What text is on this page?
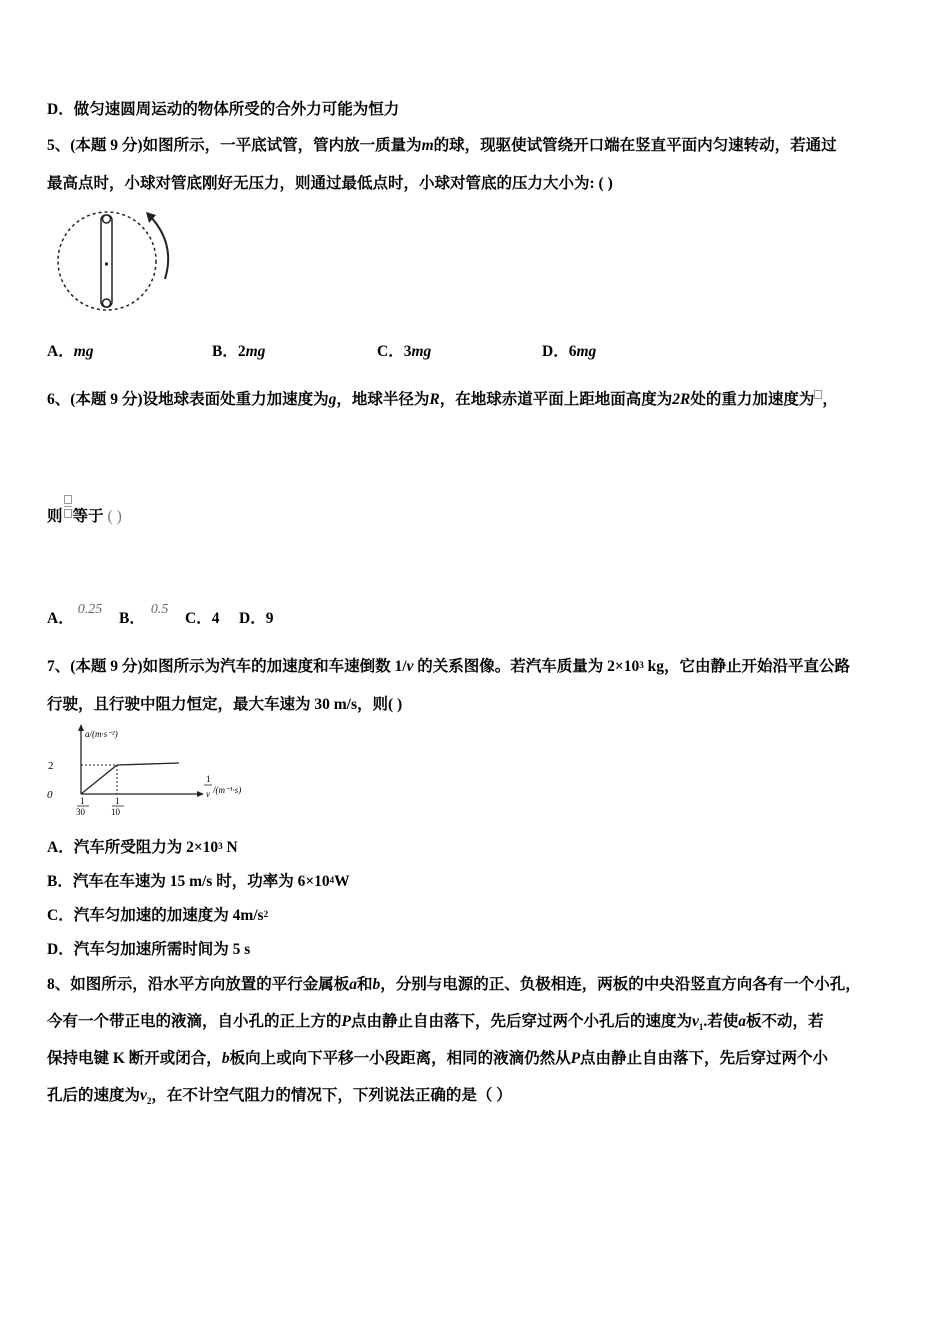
D．做匀速圆周运动的物体所受的合外力可能为恒力
5、(本题 9 分)如图所示，一平底试管，管内放一质量为m的球，现驱使试管绕开口端在竖直平面内匀速转动，若通过
最高点时，小球对管底刚好无压力，则通过最低点时，小球对管底的压力大小为: ( )
A．mg	B．2mg	C．3mg	D．6mg
6、(本题 9 分)设地球表面处重力加速度为g，地球半径为R，在地球赤道平面上距地面高度为2R处的重力加速度为 ，
则 等于 ( )
A．0.25
B．0.5
C．4 D．9
7、(本题 9 分)如图所示为汽车的加速度和车速倒数 1/v 的关系图像。若汽车质量为 $2\times 10^3$ kg，它由静止开始沿平直公路
行驶，且行驶中阻力恒定，最大车速为 30 m/s，则( )
a/(m·s⁻²)
0
2
1
30
1
10
1 v /(m⁻¹·s)
A．汽车所受阻力为 $2\times 10^3$ N
B．汽车在车速为 15 m/s 时，功率为 $6\times 10^4W$
C．汽车匀加速的加速度为 $4m/s^2$
D．汽车匀加速所需时间为 5 s
8、如图所示，沿水平方向放置的平行金属板a和b，分别与电源的正、负极相连，两板的中央沿竖直方向各有一个小孔，
今有一个带正电的液滴，自小孔的正上方的P点由静止自由落下，先后穿过两个小孔后的速度为$v_1$.若使a板不动，若
保持电键 K 断开或闭合，b板向上或向下平移一小段距离，相同的液滴仍然从P点由静止自由落下，先后穿过两个小
孔后的速度为$v_2$，在不计空气阻力的情况下，下列说法正确的是（ ）
